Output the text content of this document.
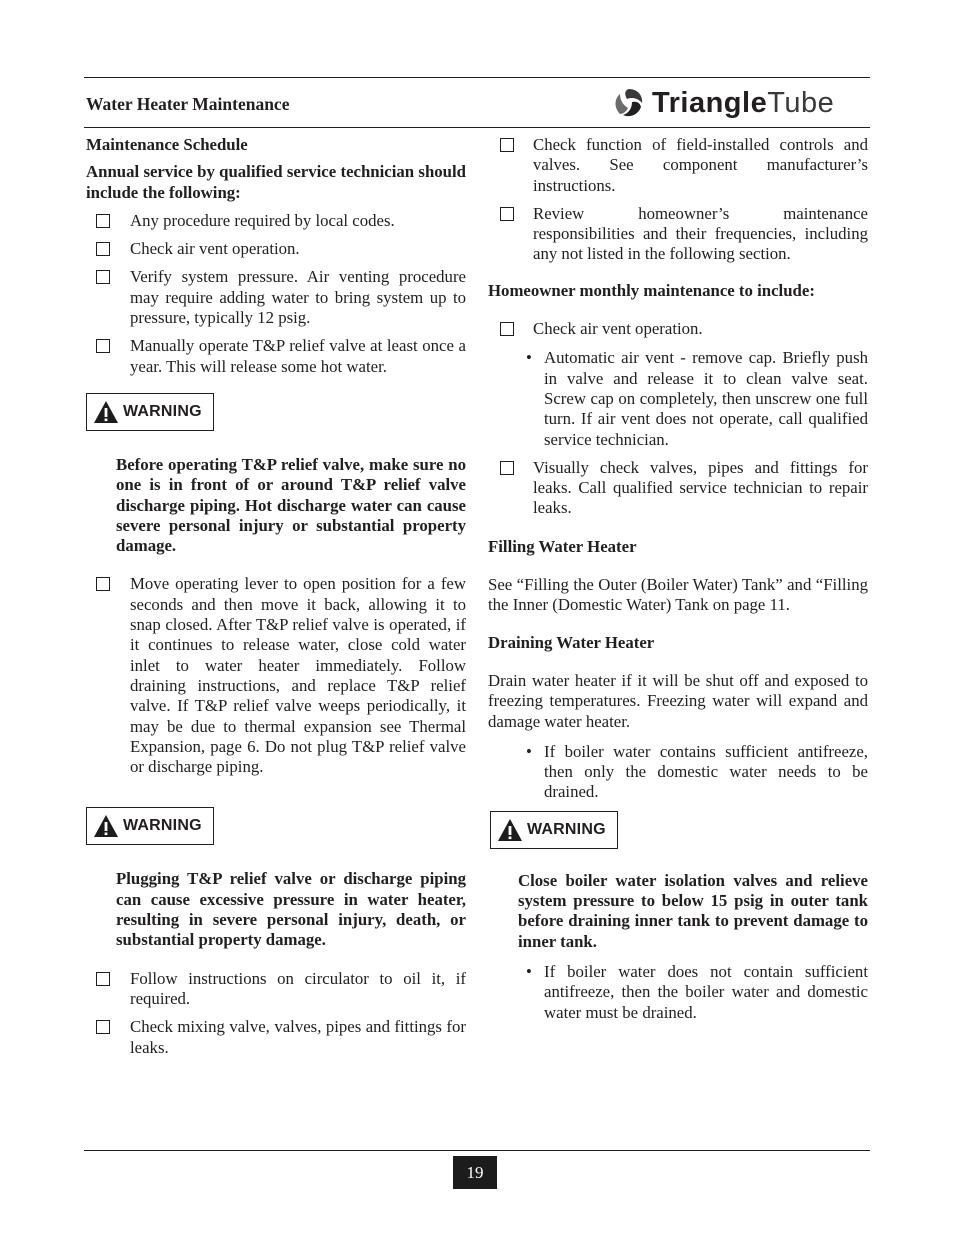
Water Heater Maintenance	TriangleTube

Maintenance Schedule

Annual service by qualified service technician should include the following:

Any procedure required by local codes.
Check air vent operation.
Verify system pressure. Air venting procedure may require adding water to bring system up to pressure, typically 12 psig.
Manually operate T&P relief valve at least once a year. This will release some hot water.
WARNING

Before operating T&P relief valve, make sure no one is in front of or around T&P relief valve discharge piping. Hot discharge water can cause severe personal injury or substantial property damage.

Move operating lever to open position for a few seconds and then move it back, allowing it to snap closed. After T&P relief valve is operated, if it continues to release water, close cold water inlet to water heater immediately. Follow draining instructions, and replace T&P relief valve. If T&P relief valve weeps periodically, it may be due to thermal expansion see Thermal Expansion, page 6. Do not plug T&P relief valve or discharge piping.
WARNING

Plugging T&P relief valve or discharge piping can cause excessive pressure in water heater, resulting in severe personal injury, death, or substantial property damage.

Follow instructions on circulator to oil it, if required.
Check mixing valve, valves, pipes and fittings for leaks.
Check function of field-installed controls and valves. See component manufacturer’s instructions.
Review homeowner’s maintenance responsibilities and their frequencies, including any not listed in the following section.

Homeowner monthly maintenance to include:

Check air vent operation.
• Automatic air vent - remove cap. Briefly push in valve and release it to clean valve seat. Screw cap on completely, then unscrew one full turn. If air vent does not operate, call qualified service technician.
Visually check valves, pipes and fittings for leaks. Call qualified service technician to repair leaks.

Filling Water Heater

See “Filling the Outer (Boiler Water) Tank” and “Filling the Inner (Domestic Water) Tank on page 11.

Draining Water Heater

Drain water heater if it will be shut off and exposed to freezing temperatures. Freezing water will expand and damage water heater.

• If boiler water contains sufficient antifreeze, then only the domestic water needs to be drained.
WARNING

Close boiler water isolation valves and relieve system pressure to below 15 psig in outer tank before draining inner tank to prevent damage to inner tank.

• If boiler water does not contain sufficient antifreeze, then the boiler water and domestic water must be drained.
19
